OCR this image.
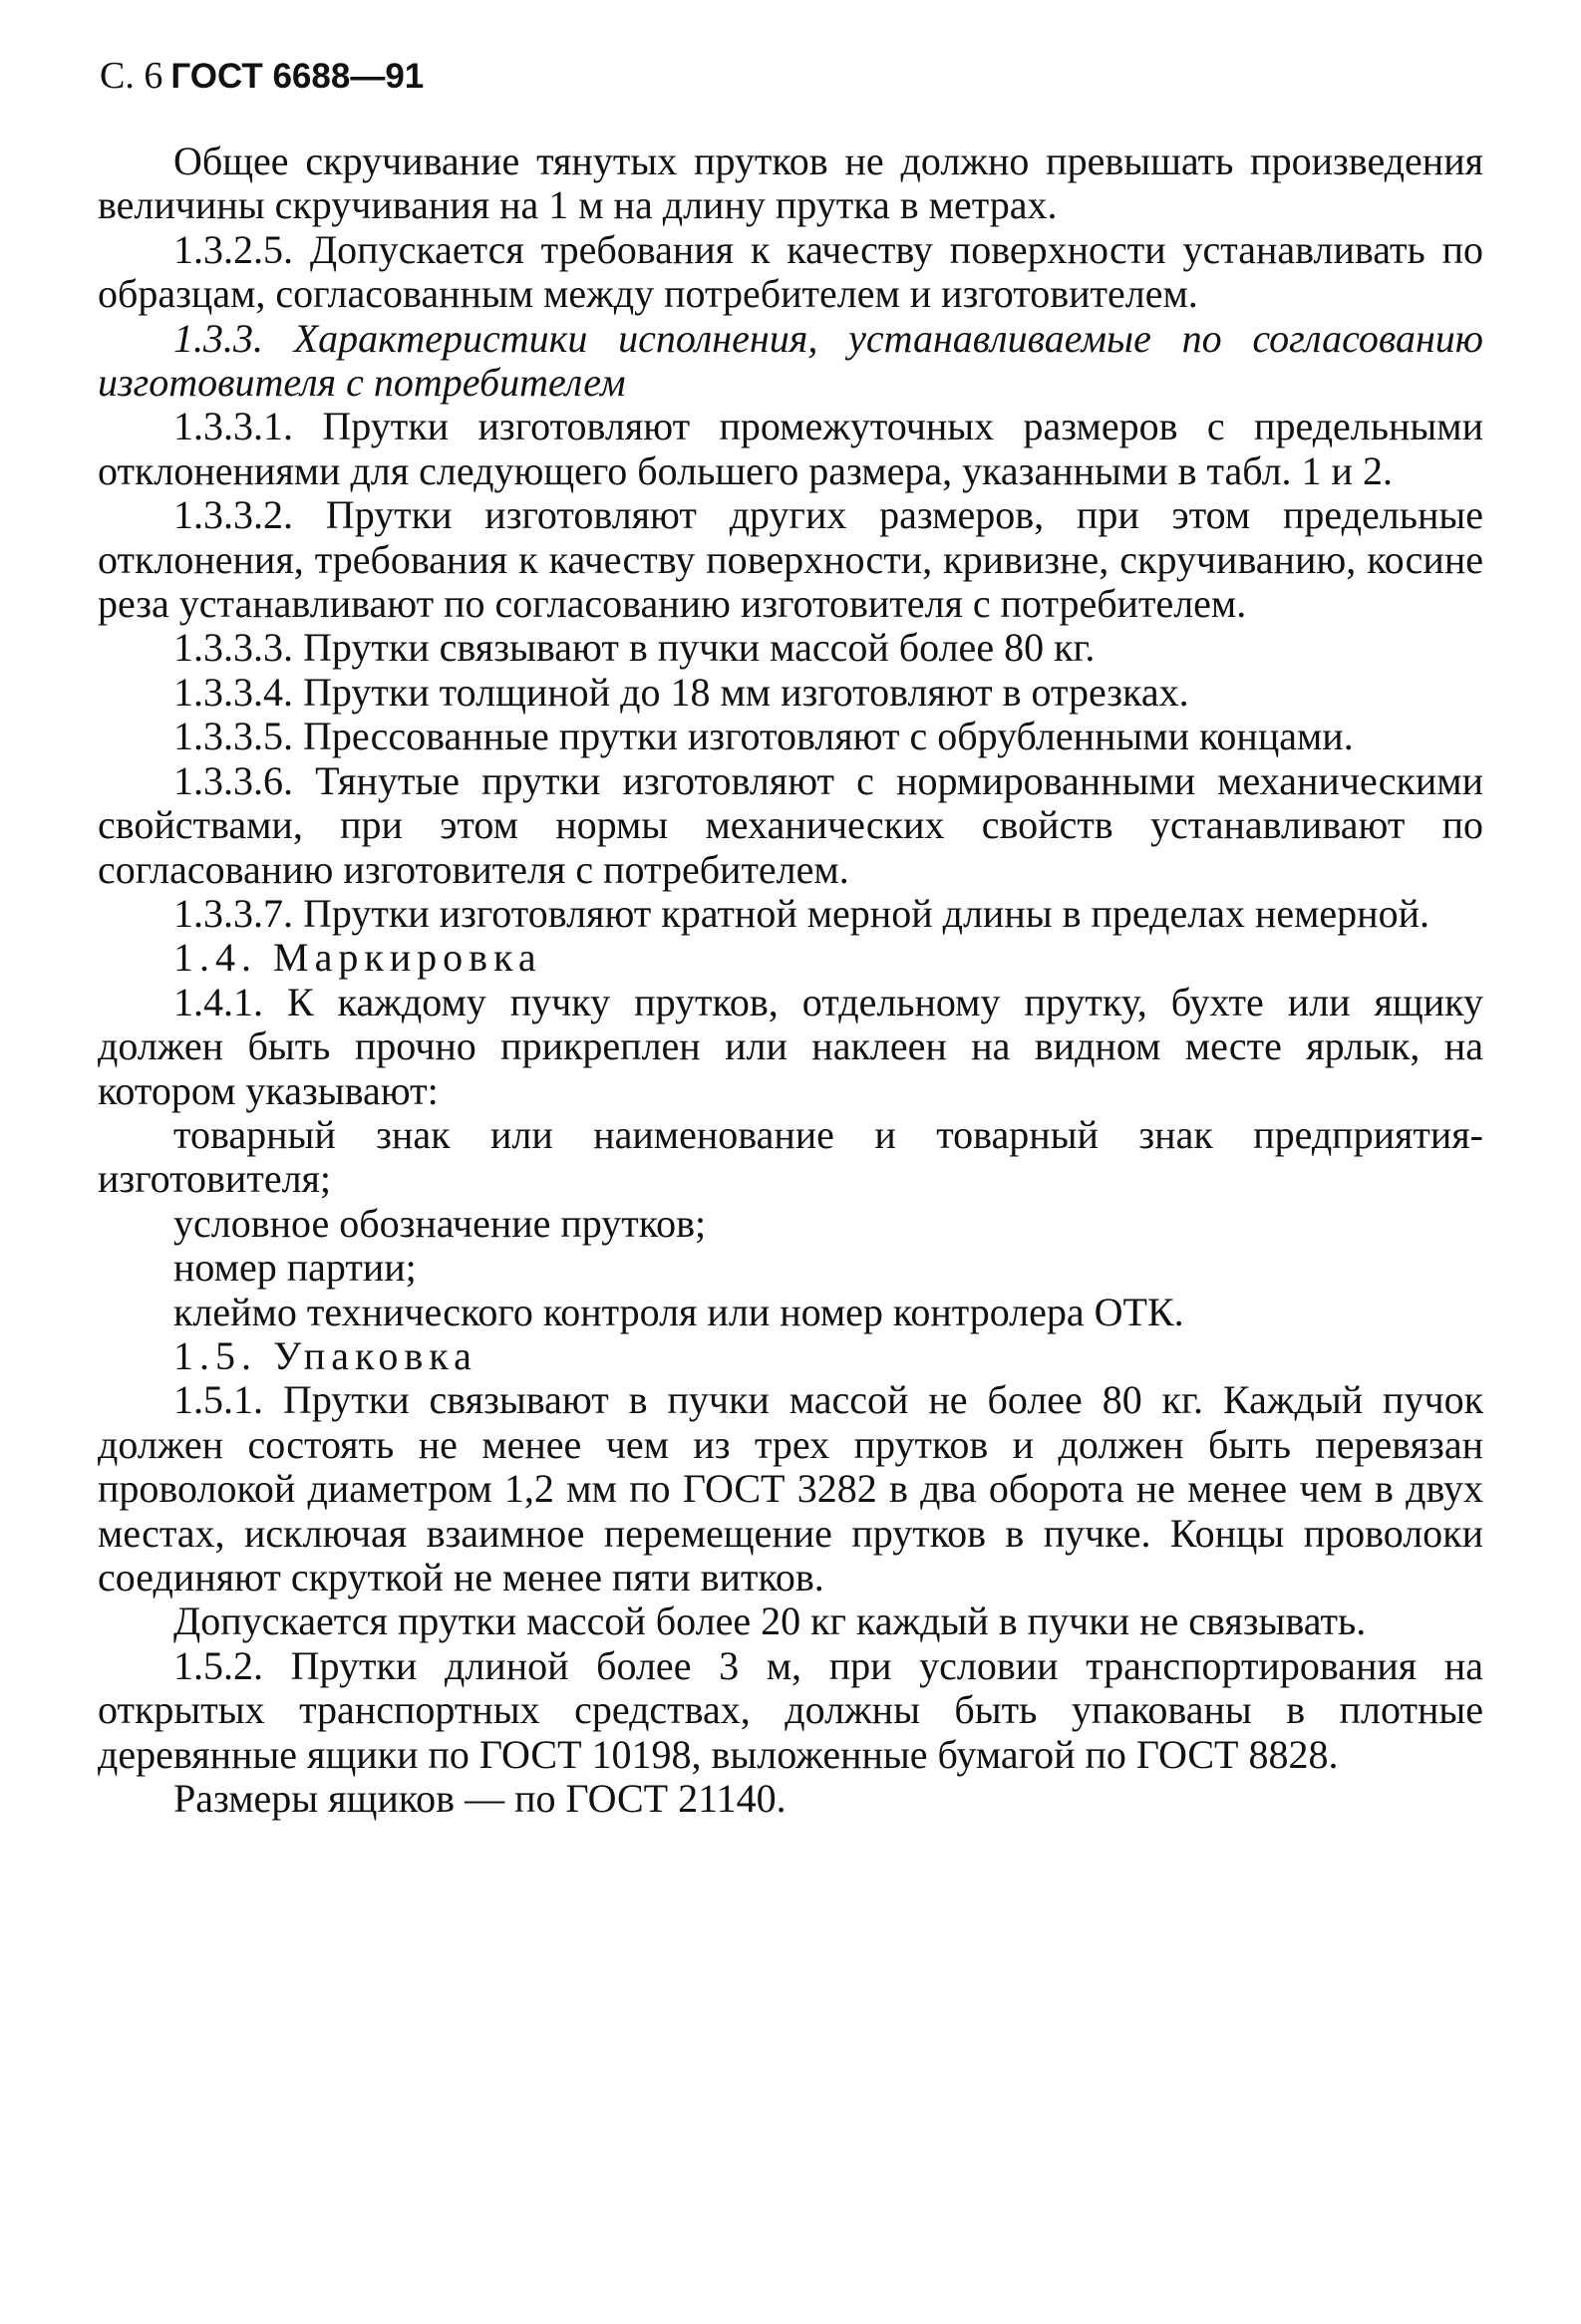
С. 6 ГОСТ 6688—91

Общее скручивание тянутых прутков не должно превышать произведения величины скручивания на 1 м на длину прутка в метрах.

1.3.2.5. Допускается требования к качеству поверхности устанавливать по образцам, согласованным между потребителем и изготовителем.

1.3.3. Характеристики исполнения, устанавливаемые по согласованию изготовителя с потребителем

1.3.3.1. Прутки изготовляют промежуточных размеров с предельными отклонениями для следующего большего размера, указанными в табл. 1 и 2.

1.3.3.2. Прутки изготовляют других размеров, при этом предельные отклонения, требования к качеству поверхности, кривизне, скручиванию, косине реза устанавливают по согласованию изготовителя с потребителем.

1.3.3.3. Прутки связывают в пучки массой более 80 кг.

1.3.3.4. Прутки толщиной до 18 мм изготовляют в отрезках.

1.3.3.5. Прессованные прутки изготовляют с обрубленными концами.

1.3.3.6. Тянутые прутки изготовляют с нормированными механическими свойствами, при этом нормы механических свойств устанавливают по согласованию изготовителя с потребителем.

1.3.3.7. Прутки изготовляют кратной мерной длины в пределах немерной.

1.4. Маркировка

1.4.1. К каждому пучку прутков, отдельному прутку, бухте или ящику должен быть прочно прикреплен или наклеен на видном месте ярлык, на котором указывают:

товарный знак или наименование и товарный знак предприятия-изготовителя;

условное обозначение прутков;

номер партии;

клеймо технического контроля или номер контролера ОТК.

1.5. Упаковка

1.5.1. Прутки связывают в пучки массой не более 80 кг. Каждый пучок должен состоять не менее чем из трех прутков и должен быть перевязан проволокой диаметром 1,2 мм по ГОСТ 3282 в два оборота не менее чем в двух местах, исключая взаимное перемещение прутков в пучке. Концы проволоки соединяют скруткой не менее пяти витков.

Допускается прутки массой более 20 кг каждый в пучки не связывать.

1.5.2. Прутки длиной более 3 м, при условии транспортирования на открытых транспортных средствах, должны быть упакованы в плотные деревянные ящики по ГОСТ 10198, выложенные бумагой по ГОСТ 8828.

Размеры ящиков — по ГОСТ 21140.
